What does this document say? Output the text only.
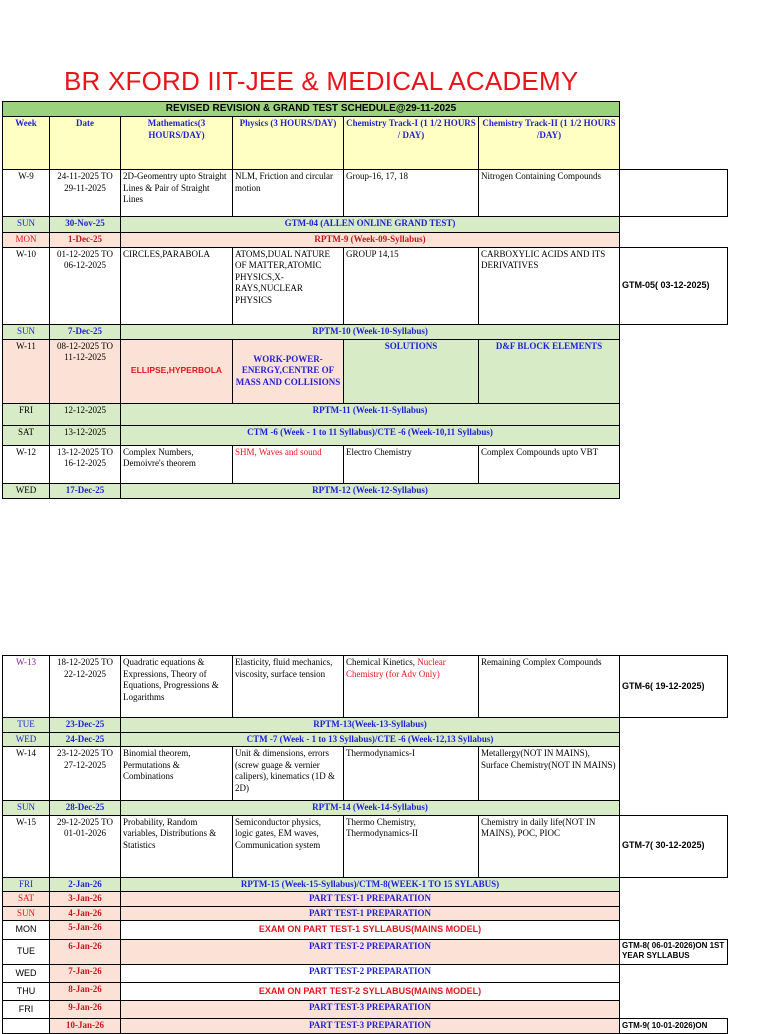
BR XFORD IIT-JEE & MEDICAL ACADEMY
REVISED REVISION & GRAND TEST SCHEDULE@29-11-2025						
Week	Date	Mathematics(3 HOURS/DAY)	Physics (3 HOURS/DAY)	Chemistry Track-I (1 1/2 HOURS / DAY)	Chemistry Track-II (1 1/2 HOURS /DAY)	
W-9	24-11-2025 TO 29-11-2025	2D-Geomentry upto Straight Lines & Pair of Straight Lines	NLM, Friction and circular motion	Group-16, 17, 18	Nitrogen Containing Compounds	
SUN	30-Nov-25	GTM-04 (ALLEN ONLINE GRAND TEST)				
MON	1-Dec-25	RPTM-9 (Week-09-Syllabus)				
W-10	01-12-2025 TO 06-12-2025	CIRCLES,PARABOLA	ATOMS,DUAL NATURE OF MATTER,ATOMIC PHYSICS,X-RAYS,NUCLEAR PHYSICS	GROUP 14,15	CARBOXYLIC ACIDS AND ITS DERIVATIVES	GTM-05( 03-12-2025)
SUN	7-Dec-25	RPTM-10 (Week-10-Syllabus)				
W-11	08-12-2025 TO 11-12-2025	ELLIPSE,HYPERBOLA	WORK-POWER-ENERGY,CENTRE OF MASS AND COLLISIONS	SOLUTIONS	D&F BLOCK ELEMENTS	
FRI	12-12-2025	RPTM-11 (Week-11-Syllabus)				
SAT	13-12-2025	CTM -6 (Week - 1 to 11 Syllabus)/CTE -6 (Week-10,11 Syllabus)				
W-12	13-12-2025 TO 16-12-2025	Complex Numbers, Demoivre's theorem	SHM, Waves and sound	Electro Chemistry	Complex Compounds upto VBT	
WED	17-Dec-25	RPTM-12 (Week-12-Syllabus)				
W-13	18-12-2025 TO 22-12-2025	Quadratic equations & Expressions, Theory of Equations, Progressions & Logarithms	Elasticity, fluid mechanics, viscosity, surface tension	Chemical Kinetics, Nuclear Chemistry (for Adv Only)	Remaining Complex Compounds	GTM-6( 19-12-2025)
TUE	23-Dec-25	RPTM-13(Week-13-Syllabus)				
WED	24-Dec-25	CTM -7 (Week - 1 to 13 Syllabus)/CTE -6 (Week-12,13 Syllabus)				
W-14	23-12-2025 TO 27-12-2025	Binomial theorem, Permutations & Combinations	Unit & dimensions, errors (screw guage & vernier calipers), kinematics (1D & 2D)	Thermodynamics-I	Metallergy(NOT IN MAINS), Surface Chemistry(NOT IN MAINS)	
SUN	28-Dec-25	RPTM-14 (Week-14-Syllabus)				
W-15	29-12-2025 TO 01-01-2026	Probability, Random variables, Distributions & Statistics	Semiconductor physics, logic gates, EM waves, Communication system	Thermo Chemistry, Thermodynamics-II	Chemistry in daily life(NOT IN MAINS), POC, PIOC	GTM-7( 30-12-2025)
FRI	2-Jan-26	RPTM-15 (Week-15-Syllabus)/CTM-8(WEEK-1 TO 15 SYLABUS)				
SAT	3-Jan-26	PART TEST-1 PREPARATION				
SUN	4-Jan-26	PART TEST-1 PREPARATION				
MON	5-Jan-26	EXAM ON PART TEST-1 SYLLABUS(MAINS MODEL)				
TUE	6-Jan-26	PART TEST-2 PREPARATION				GTM-8( 06-01-2026)ON 1ST YEAR SYLLABUS
WED	7-Jan-26	PART TEST-2 PREPARATION				
THU	8-Jan-26	EXAM ON PART TEST-2 SYLLABUS(MAINS MODEL)				
FRI	9-Jan-26	PART TEST-3 PREPARATION				
	10-Jan-26	PART TEST-3 PREPARATION				GTM-9( 10-01-2026)ON
